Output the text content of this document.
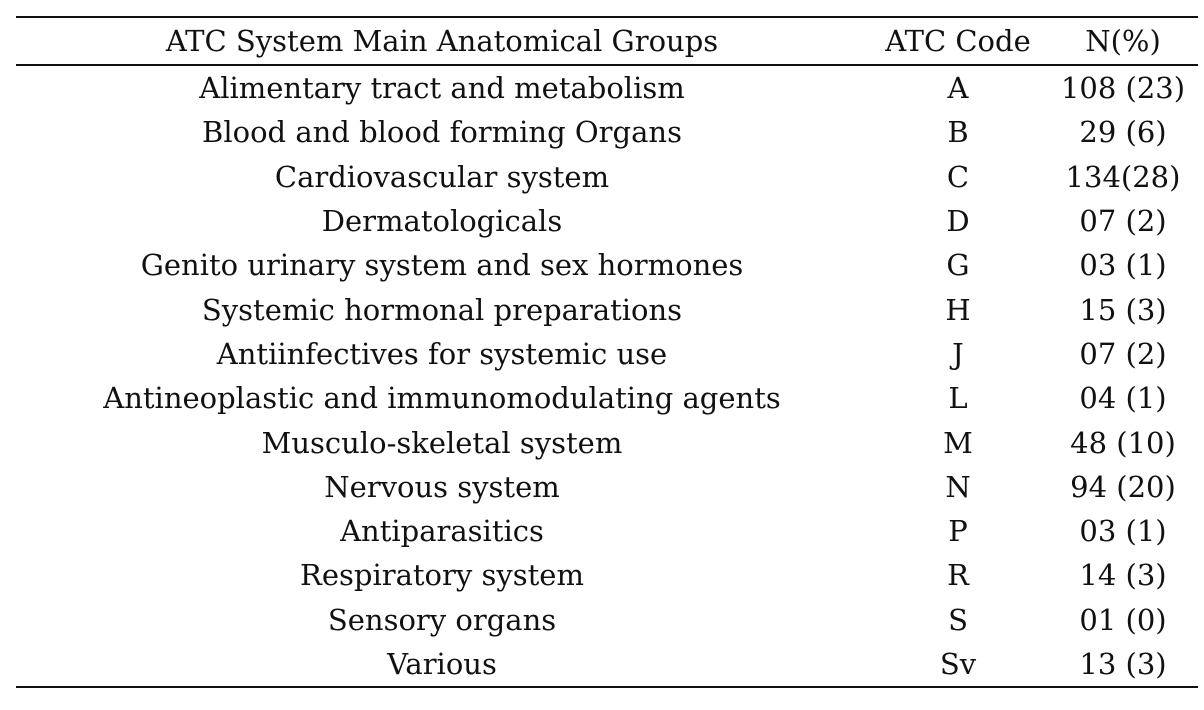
ATC System Main Anatomical Groups	ATC Code	N(%)
Alimentary tract and metabolism	A	108 (23)
Blood and blood forming Organs	B	29 (6)
Cardiovascular system	C	134(28)
Dermatologicals	D	07 (2)
Genito urinary system and sex hormones	G	03 (1)
Systemic hormonal preparations	H	15 (3)
Antiinfectives for systemic use	J	07 (2)
Antineoplastic and immunomodulating agents	L	04 (1)
Musculo-skeletal system	M	48 (10)
Nervous system	N	94 (20)
Antiparasitics	P	03 (1)
Respiratory system	R	14 (3)
Sensory organs	S	01 (0)
Various	Sv	13 (3)
